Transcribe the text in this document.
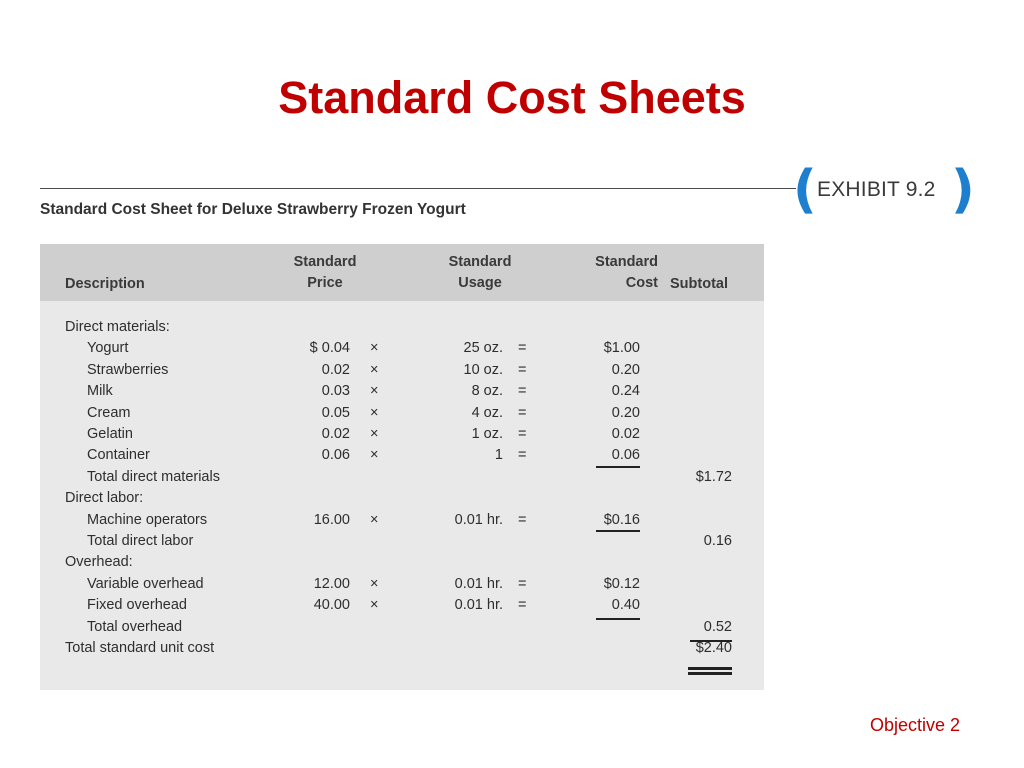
Standard Cost Sheets
( EXHIBIT 9.2 )
Standard Cost Sheet for Deluxe Strawberry Frozen Yogurt
Description
Standard
Price
Standard
Usage
Standard
Cost Subtotal
Direct materials:
Yogurt	$ 0.04 ×	25 oz. =	$1.00
Strawberries	0.02 ×	10 oz. =	0.20
Milk	0.03 ×	8 oz. =	0.24
Cream	0.05 ×	4 oz. =	0.20
Gelatin	0.02 ×	1 oz. =	0.02
Container	0.06 ×	1 =	0.06
Total direct materials	$1.72
Direct labor:
Machine operators	16.00 ×	0.01 hr. =	$0.16
Total direct labor	0.16
Overhead:
Variable overhead	12.00 ×	0.01 hr. =	$0.12
Fixed overhead	40.00 ×	0.01 hr. =	0.40
Total overhead	0.52
Total standard unit cost	$2.40
Objective 2
